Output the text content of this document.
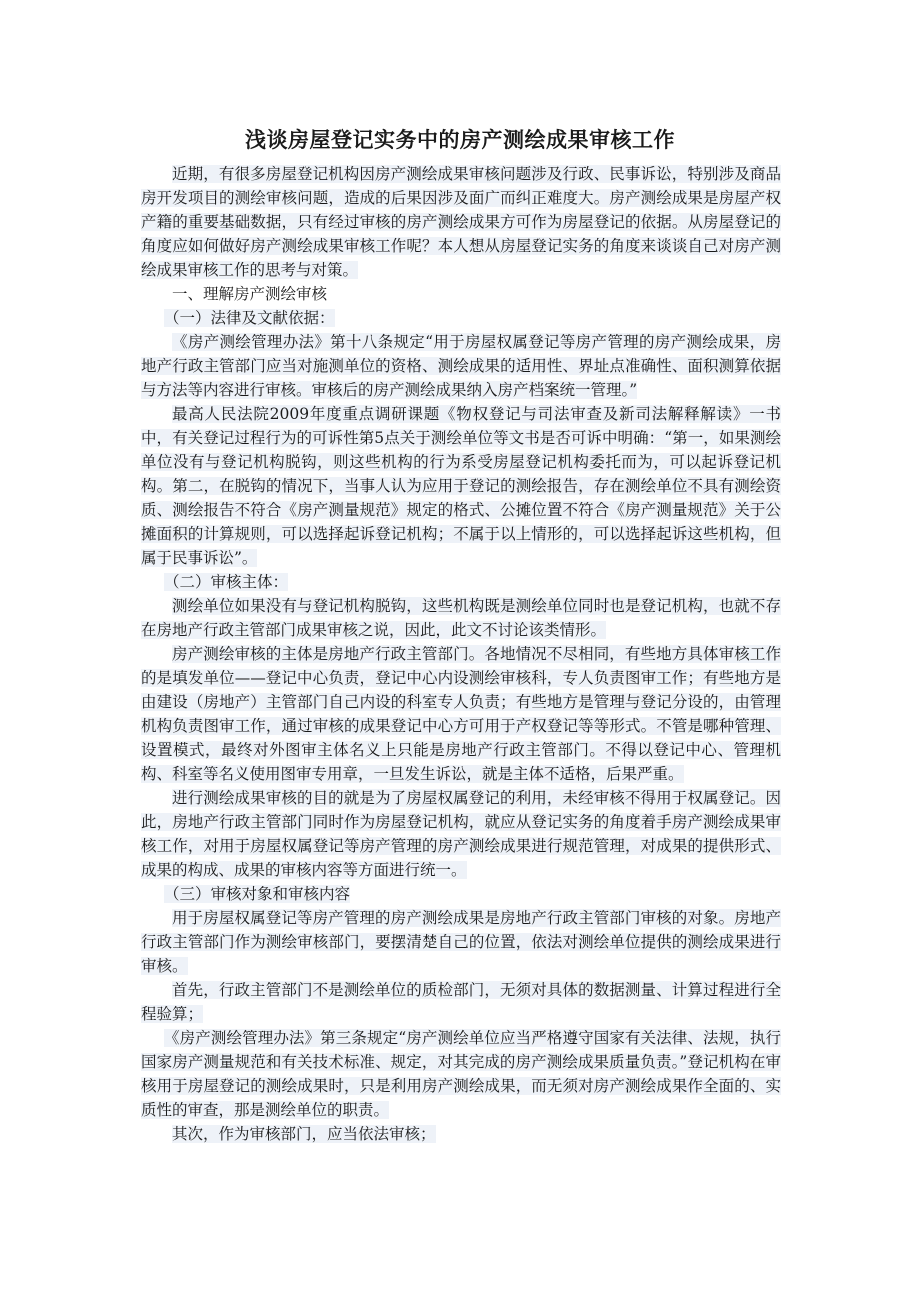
浅谈房屋登记实务中的房产测绘成果审核工作

近期，有很多房屋登记机构因房产测绘成果审核问题涉及行政、民事诉讼，特别涉及商品房开发项目的测绘审核问题，造成的后果因涉及面广而纠正难度大。房产测绘成果是房屋产权产籍的重要基础数据，只有经过审核的房产测绘成果方可作为房屋登记的依据。从房屋登记的角度应如何做好房产测绘成果审核工作呢？本人想从房屋登记实务的角度来谈谈自己对房产测绘成果审核工作的思考与对策。

一、理解房产测绘审核

（一）法律及文献依据：

《房产测绘管理办法》第十八条规定“用于房屋权属登记等房产管理的房产测绘成果，房地产行政主管部门应当对施测单位的资格、测绘成果的适用性、界址点准确性、面积测算依据与方法等内容进行审核。审核后的房产测绘成果纳入房产档案统一管理。”

最高人民法院2009年度重点调研课题《物权登记与司法审查及新司法解释解读》一书中，有关登记过程行为的可诉性第5点关于测绘单位等文书是否可诉中明确：“第一，如果测绘单位没有与登记机构脱钩，则这些机构的行为系受房屋登记机构委托而为，可以起诉登记机构。第二，在脱钩的情况下，当事人认为应用于登记的测绘报告，存在测绘单位不具有测绘资质、测绘报告不符合《房产测量规范》规定的格式、公摊位置不符合《房产测量规范》关于公摊面积的计算规则，可以选择起诉登记机构；不属于以上情形的，可以选择起诉这些机构，但属于民事诉讼”。

（二）审核主体：

测绘单位如果没有与登记机构脱钩，这些机构既是测绘单位同时也是登记机构，也就不存在房地产行政主管部门成果审核之说，因此，此文不讨论该类情形。

房产测绘审核的主体是房地产行政主管部门。各地情况不尽相同，有些地方具体审核工作的是填发单位——登记中心负责，登记中心内设测绘审核科，专人负责图审工作；有些地方是由建设（房地产）主管部门自己内设的科室专人负责；有些地方是管理与登记分设的，由管理机构负责图审工作，通过审核的成果登记中心方可用于产权登记等等形式。不管是哪种管理、设置模式，最终对外图审主体名义上只能是房地产行政主管部门。不得以登记中心、管理机构、科室等名义使用图审专用章，一旦发生诉讼，就是主体不适格，后果严重。

进行测绘成果审核的目的就是为了房屋权属登记的利用，未经审核不得用于权属登记。因此，房地产行政主管部门同时作为房屋登记机构，就应从登记实务的角度着手房产测绘成果审核工作，对用于房屋权属登记等房产管理的房产测绘成果进行规范管理，对成果的提供形式、成果的构成、成果的审核内容等方面进行统一。

（三）审核对象和审核内容

用于房屋权属登记等房产管理的房产测绘成果是房地产行政主管部门审核的对象。房地产行政主管部门作为测绘审核部门，要摆清楚自己的位置，依法对测绘单位提供的测绘成果进行审核。

首先，行政主管部门不是测绘单位的质检部门，无须对具体的数据测量、计算过程进行全程验算；

《房产测绘管理办法》第三条规定“房产测绘单位应当严格遵守国家有关法律、法规，执行国家房产测量规范和有关技术标准、规定，对其完成的房产测绘成果质量负责。”登记机构在审核用于房屋登记的测绘成果时，只是利用房产测绘成果，而无须对房产测绘成果作全面的、实质性的审查，那是测绘单位的职责。

其次，作为审核部门，应当依法审核；
